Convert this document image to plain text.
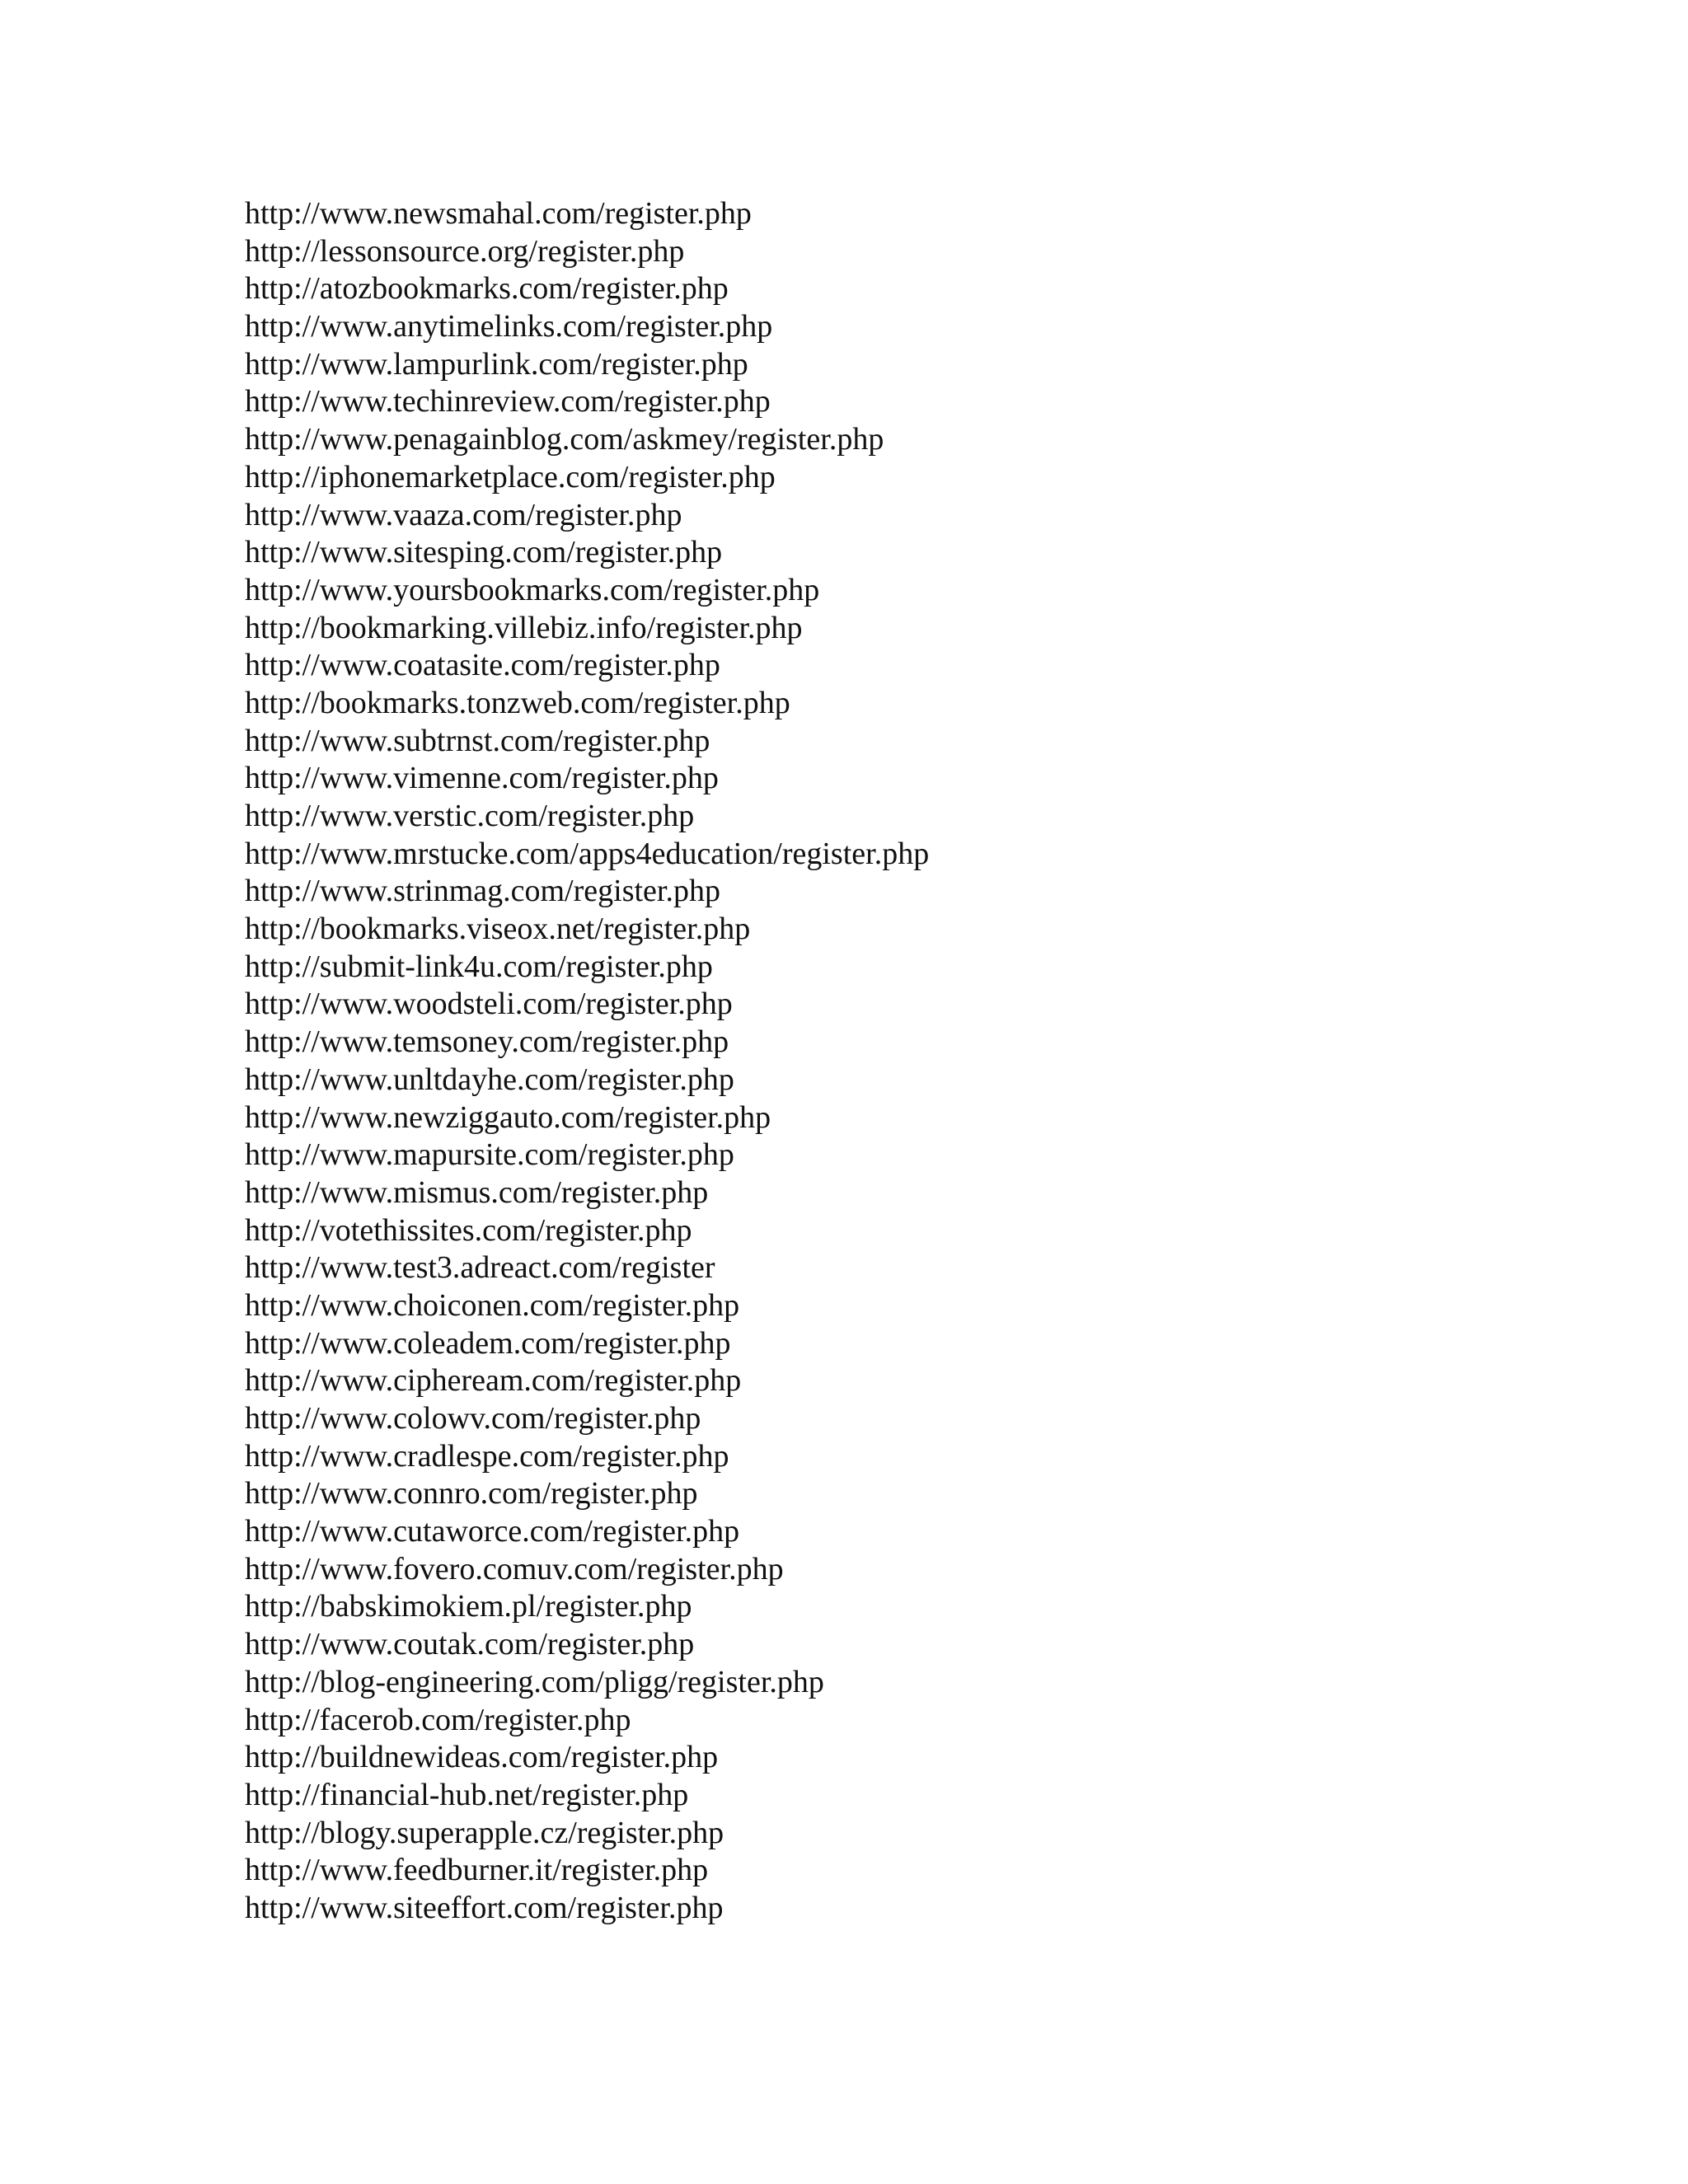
http://www.newsmahal.com/register.php
http://lessonsource.org/register.php
http://atozbookmarks.com/register.php
http://www.anytimelinks.com/register.php
http://www.lampurlink.com/register.php
http://www.techinreview.com/register.php
http://www.penagainblog.com/askmey/register.php
http://iphonemarketplace.com/register.php
http://www.vaaza.com/register.php
http://www.sitesping.com/register.php
http://www.yoursbookmarks.com/register.php
http://bookmarking.villebiz.info/register.php
http://www.coatasite.com/register.php
http://bookmarks.tonzweb.com/register.php
http://www.subtrnst.com/register.php
http://www.vimenne.com/register.php
http://www.verstic.com/register.php
http://www.mrstucke.com/apps4education/register.php
http://www.strinmag.com/register.php
http://bookmarks.viseox.net/register.php
http://submit-link4u.com/register.php
http://www.woodsteli.com/register.php
http://www.temsoney.com/register.php
http://www.unltdayhe.com/register.php
http://www.newziggauto.com/register.php
http://www.mapursite.com/register.php
http://www.mismus.com/register.php
http://votethissites.com/register.php
http://www.test3.adreact.com/register
http://www.choiconen.com/register.php
http://www.coleadem.com/register.php
http://www.ciphereаm.com/register.php
http://www.colowv.com/register.php
http://www.cradlespe.com/register.php
http://www.connro.com/register.php
http://www.cutaworce.com/register.php
http://www.fovero.comuv.com/register.php
http://babskimokiem.pl/register.php
http://www.coutak.com/register.php
http://blog-engineering.com/pligg/register.php
http://facerob.com/register.php
http://buildnewideas.com/register.php
http://financial-hub.net/register.php
http://blogy.superapple.cz/register.php
http://www.feedburner.it/register.php
http://www.siteeffort.com/register.php
